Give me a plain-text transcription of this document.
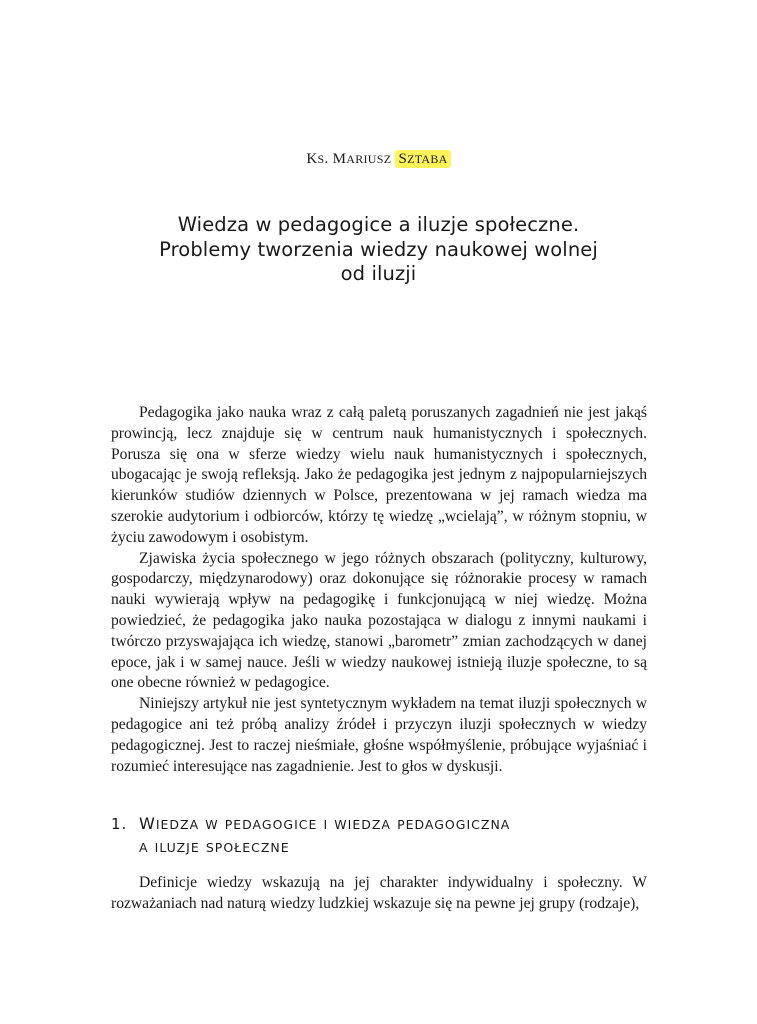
KS. MARIUSZ SZTABA
Wiedza w pedagogice a iluzje społeczne.
Problemy tworzenia wiedzy naukowej wolnej
od iluzji

Pedagogika jako nauka wraz z całą paletą poruszanych zagadnień nie jest jakąś prowincją, lecz znajduje się w centrum nauk humanistycznych i społecznych. Porusza się ona w sferze wiedzy wielu nauk humanistycznych i społecznych, ubogacając je swoją refleksją. Jako że pedagogika jest jednym z najpopularniejszych kierunków studiów dziennych w Polsce, prezentowana w jej ramach wiedza ma szerokie audytorium i odbiorców, którzy tę wiedzę „wcielają”, w różnym stopniu, w życiu zawodowym i osobistym.

Zjawiska życia społecznego w jego różnych obszarach (polityczny, kulturowy, gospodarczy, międzynarodowy) oraz dokonujące się różnorakie procesy w ramach nauki wywierają wpływ na pedagogikę i funkcjonującą w niej wiedzę. Można powiedzieć, że pedagogika jako nauka pozostająca w dialogu z innymi naukami i twórczo przyswajająca ich wiedzę, stanowi „barometr” zmian zachodzących w danej epoce, jak i w samej nauce. Jeśli w wiedzy naukowej istnieją iluzje społeczne, to są one obecne również w pedagogice.

Niniejszy artykuł nie jest syntetycznym wykładem na temat iluzji społecznych w pedagogice ani też próbą analizy źródeł i przyczyn iluzji społecznych w wiedzy pedagogicznej. Jest to raczej nieśmiałe, głośne współmyślenie, próbujące wyjaśniać i rozumieć interesujące nas zagadnienie. Jest to głos w dyskusji.

1. WIEDZA W PEDAGOGICE I WIEDZA PEDAGOGICZNA
A ILUZJE SPOŁECZNE

Definicje wiedzy wskazują na jej charakter indywidualny i społeczny. W rozważaniach nad naturą wiedzy ludzkiej wskazuje się na pewne jej grupy (rodzaje),
